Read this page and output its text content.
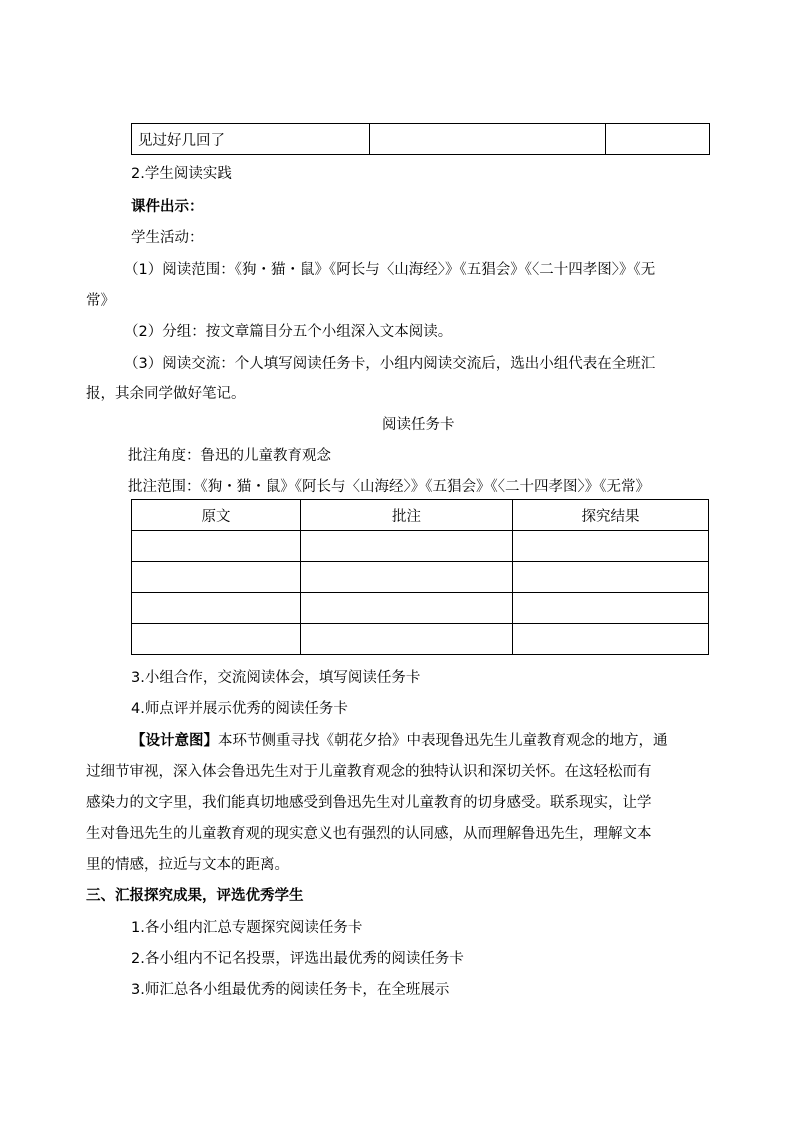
见过好几回了		
2.学生阅读实践
课件出示：
学生活动：
（1）阅读范围：《狗・猫・鼠》《阿长与〈山海经〉》《五猖会》《〈二十四孝图〉》《无
常》
（2）分组：按文章篇目分五个小组深入文本阅读。
（3）阅读交流：个人填写阅读任务卡，小组内阅读交流后，选出小组代表在全班汇
报，其余同学做好笔记。
阅读任务卡
批注角度：鲁迅的儿童教育观念
批注范围：《狗・猫・鼠》《阿长与〈山海经〉》《五猖会》《〈二十四孝图〉》《无常》
原文	批注	探究结果

3.小组合作，交流阅读体会，填写阅读任务卡
4.师点评并展示优秀的阅读任务卡
【设计意图】本环节侧重寻找《朝花夕拾》中表现鲁迅先生儿童教育观念的地方，通
过细节审视，深入体会鲁迅先生对于儿童教育观念的独特认识和深切关怀。在这轻松而有
感染力的文字里，我们能真切地感受到鲁迅先生对儿童教育的切身感受。联系现实，让学
生对鲁迅先生的儿童教育观的现实意义也有强烈的认同感，从而理解鲁迅先生，理解文本
里的情感，拉近与文本的距离。
三、汇报探究成果，评选优秀学生
1.各小组内汇总专题探究阅读任务卡
2.各小组内不记名投票，评选出最优秀的阅读任务卡
3.师汇总各小组最优秀的阅读任务卡，在全班展示
